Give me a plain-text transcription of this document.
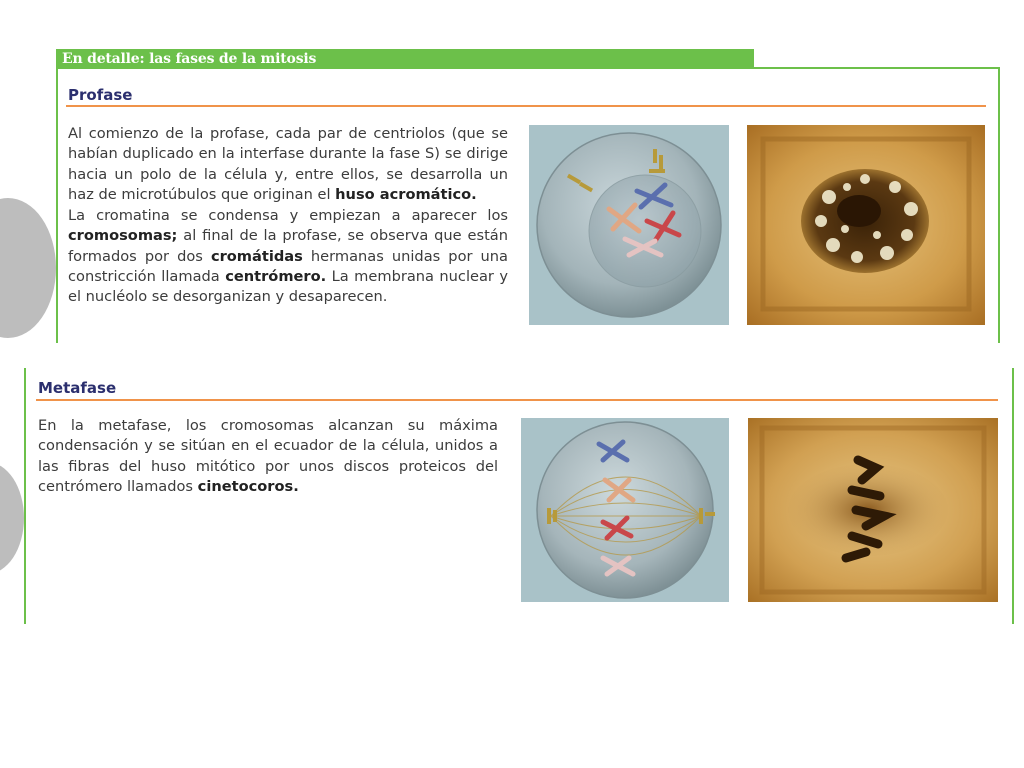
En detalle: las fases de la mitosis
Profase
Al comienzo de la profase, cada par de centriolos (que se habían duplicado en la interfase durante la fase S) se dirige hacia un polo de la célula y, entre ellos, se desarrolla un haz de microtúbulos que originan el huso acromático.
La cromatina se condensa y empiezan a aparecer los cromosomas; al final de la profase, se observa que están formados por dos cromátidas hermanas unidas por una constricción llamada centrómero. La membrana nuclear y el nucléolo se desorganizan y desaparecen.
Metafase
En la metafase, los cromosomas alcanzan su máxima condensación y se sitúan en el ecuador de la célula, unidos a las fibras del huso mitótico por unos discos proteicos del centrómero llamados cinetocoros.
